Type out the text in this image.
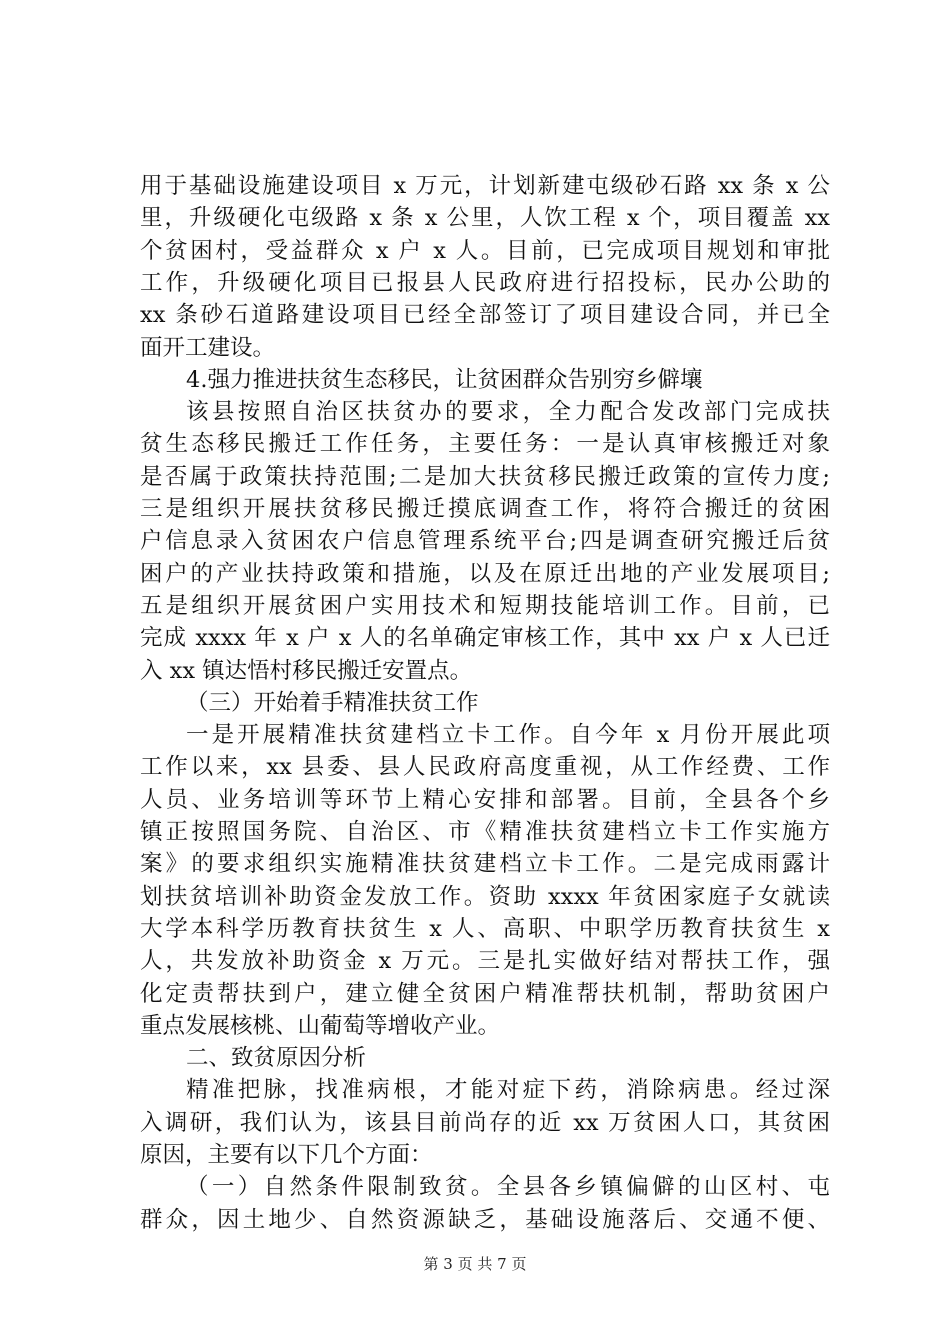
用于基础设施建设项目 x 万元，计划新建屯级砂石路 xx 条 x 公
里，升级硬化屯级路 x 条 x 公里，人饮工程 x 个，项目覆盖 xx
个贫困村，受益群众 x 户 x 人。目前，已完成项目规划和审批
工作，升级硬化项目已报县人民政府进行招投标，民办公助的
xx 条砂石道路建设项目已经全部签订了项目建设合同，并已全
面开工建设。
4.强力推进扶贫生态移民，让贫困群众告别穷乡僻壤
该县按照自治区扶贫办的要求，全力配合发改部门完成扶
贫生态移民搬迁工作任务，主要任务：一是认真审核搬迁对象
是否属于政策扶持范围;二是加大扶贫移民搬迁政策的宣传力度;
三是组织开展扶贫移民搬迁摸底调查工作，将符合搬迁的贫困
户信息录入贫困农户信息管理系统平台;四是调查研究搬迁后贫
困户的产业扶持政策和措施，以及在原迁出地的产业发展项目;
五是组织开展贫困户实用技术和短期技能培训工作。目前，已
完成 xxxx 年 x 户 x 人的名单确定审核工作，其中 xx 户 x 人已迁
入 xx 镇达悟村移民搬迁安置点。
（三）开始着手精准扶贫工作
一是开展精准扶贫建档立卡工作。自今年 x 月份开展此项
工作以来，xx 县委、县人民政府高度重视，从工作经费、工作
人员、业务培训等环节上精心安排和部署。目前，全县各个乡
镇正按照国务院、自治区、市《精准扶贫建档立卡工作实施方
案》的要求组织实施精准扶贫建档立卡工作。二是完成雨露计
划扶贫培训补助资金发放工作。资助 xxxx 年贫困家庭子女就读
大学本科学历教育扶贫生 x 人、高职、中职学历教育扶贫生 x
人，共发放补助资金 x 万元。三是扎实做好结对帮扶工作，强
化定责帮扶到户，建立健全贫困户精准帮扶机制，帮助贫困户
重点发展核桃、山葡萄等增收产业。
二、致贫原因分析
精准把脉，找准病根，才能对症下药，消除病患。经过深
入调研，我们认为，该县目前尚存的近 xx 万贫困人口，其贫困
原因，主要有以下几个方面：
（一）自然条件限制致贫。全县各乡镇偏僻的山区村、屯
群众，因土地少、自然资源缺乏，基础设施落后、交通不便、
第 3 页 共 7 页
